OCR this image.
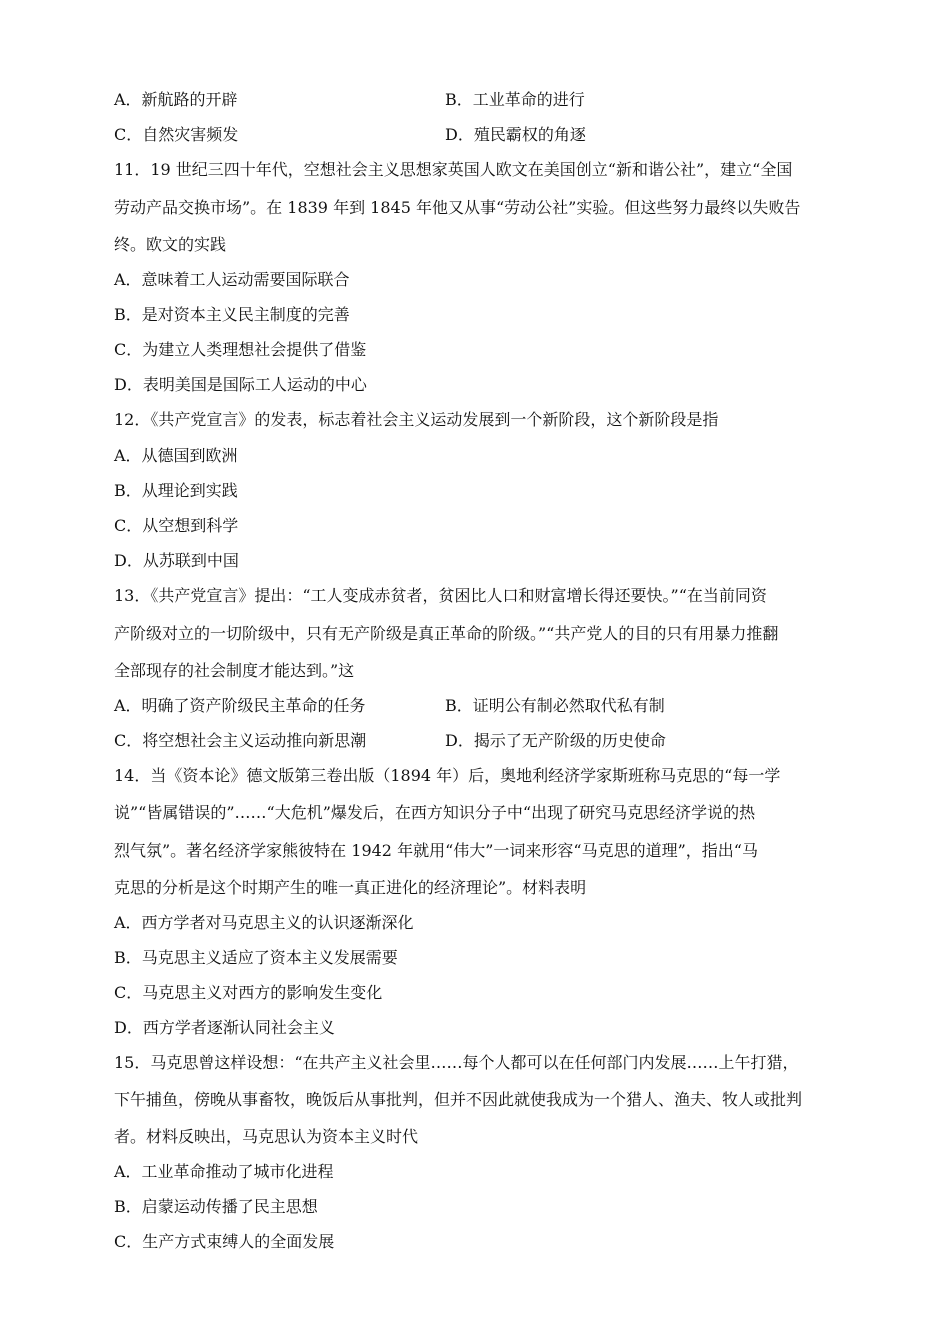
A．新航路的开辟	B．工业革命的进行
C．自然灾害频发	D．殖民霸权的角逐
11．19 世纪三四十年代，空想社会主义思想家英国人欧文在美国创立“新和谐公社”，建立“全国
劳动产品交换市场”。在 1839 年到 1845 年他又从事“劳动公社”实验。但这些努力最终以失败告
终。欧文的实践
A．意味着工人运动需要国际联合
B．是对资本主义民主制度的完善
C．为建立人类理想社会提供了借鉴
D．表明美国是国际工人运动的中心
12．《共产党宣言》的发表，标志着社会主义运动发展到一个新阶段，这个新阶段是指
A．从德国到欧洲
B．从理论到实践
C．从空想到科学
D．从苏联到中国
13．《共产党宣言》提出：“工人变成赤贫者，贫困比人口和财富增长得还要快。”“在当前同资
产阶级对立的一切阶级中，只有无产阶级是真正革命的阶级。”“共产党人的目的只有用暴力推翻
全部现存的社会制度才能达到。”这
A．明确了资产阶级民主革命的任务	B．证明公有制必然取代私有制
C．将空想社会主义运动推向新思潮	D．揭示了无产阶级的历史使命
14．当《资本论》德文版第三卷出版（1894 年）后，奥地利经济学家斯班称马克思的“每一学
说”“皆属错误的”……“大危机”爆发后，在西方知识分子中“出现了研究马克思经济学说的热
烈气氛”。著名经济学家熊彼特在 1942 年就用“伟大”一词来形容“马克思的道理”，指出“马
克思的分析是这个时期产生的唯一真正进化的经济理论”。材料表明
A．西方学者对马克思主义的认识逐渐深化
B．马克思主义适应了资本主义发展需要
C．马克思主义对西方的影响发生变化
D．西方学者逐渐认同社会主义
15．马克思曾这样设想：“在共产主义社会里……每个人都可以在任何部门内发展……上午打猎，
下午捕鱼，傍晚从事畜牧，晚饭后从事批判，但并不因此就使我成为一个猎人、渔夫、牧人或批判
者。材料反映出，马克思认为资本主义时代
A．工业革命推动了城市化进程
B．启蒙运动传播了民主思想
C．生产方式束缚人的全面发展
